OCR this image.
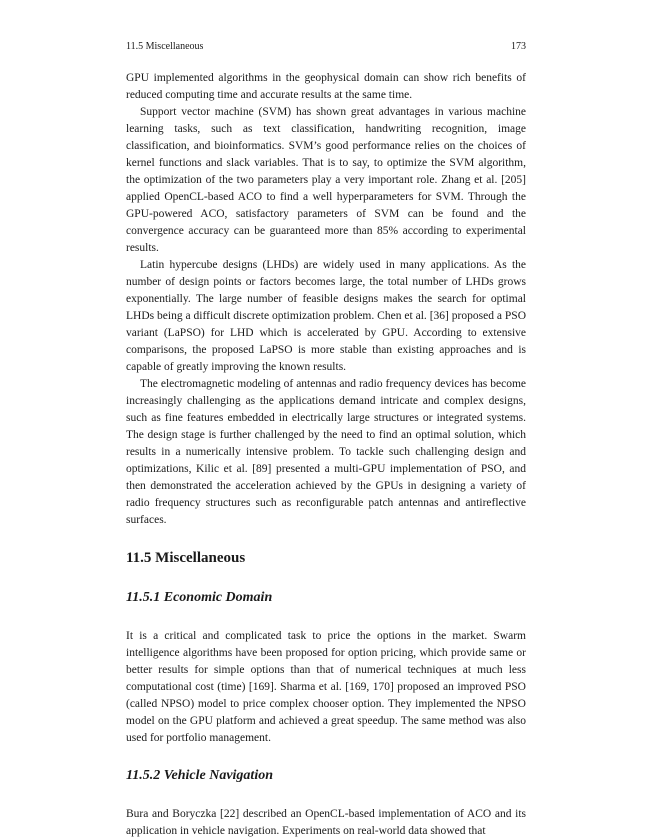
11.5 Miscellaneous	173

GPU implemented algorithms in the geophysical domain can show rich benefits of reduced computing time and accurate results at the same time.

Support vector machine (SVM) has shown great advantages in various machine learning tasks, such as text classification, handwriting recognition, image classification, and bioinformatics. SVM’s good performance relies on the choices of kernel functions and slack variables. That is to say, to optimize the SVM algorithm, the optimization of the two parameters play a very important role. Zhang et al. [205] applied OpenCL-based ACO to find a well hyperparameters for SVM. Through the GPU-powered ACO, satisfactory parameters of SVM can be found and the convergence accuracy can be guaranteed more than 85% according to experimental results.

Latin hypercube designs (LHDs) are widely used in many applications. As the number of design points or factors becomes large, the total number of LHDs grows exponentially. The large number of feasible designs makes the search for optimal LHDs being a difficult discrete optimization problem. Chen et al. [36] proposed a PSO variant (LaPSO) for LHD which is accelerated by GPU. According to extensive comparisons, the proposed LaPSO is more stable than existing approaches and is capable of greatly improving the known results.

The electromagnetic modeling of antennas and radio frequency devices has become increasingly challenging as the applications demand intricate and complex designs, such as fine features embedded in electrically large structures or integrated systems. The design stage is further challenged by the need to find an optimal solution, which results in a numerically intensive problem. To tackle such challenging design and optimizations, Kilic et al. [89] presented a multi-GPU implementation of PSO, and then demonstrated the acceleration achieved by the GPUs in designing a variety of radio frequency structures such as reconfigurable patch antennas and antireflective surfaces.

11.5 Miscellaneous
11.5.1 Economic Domain

It is a critical and complicated task to price the options in the market. Swarm intelligence algorithms have been proposed for option pricing, which provide same or better results for simple options than that of numerical techniques at much less computational cost (time) [169]. Sharma et al. [169, 170] proposed an improved PSO (called NPSO) model to price complex chooser option. They implemented the NPSO model on the GPU platform and achieved a great speedup. The same method was also used for portfolio management.

11.5.2 Vehicle Navigation

Bura and Boryczka [22] described an OpenCL-based implementation of ACO and its application in vehicle navigation. Experiments on real-world data showed that
